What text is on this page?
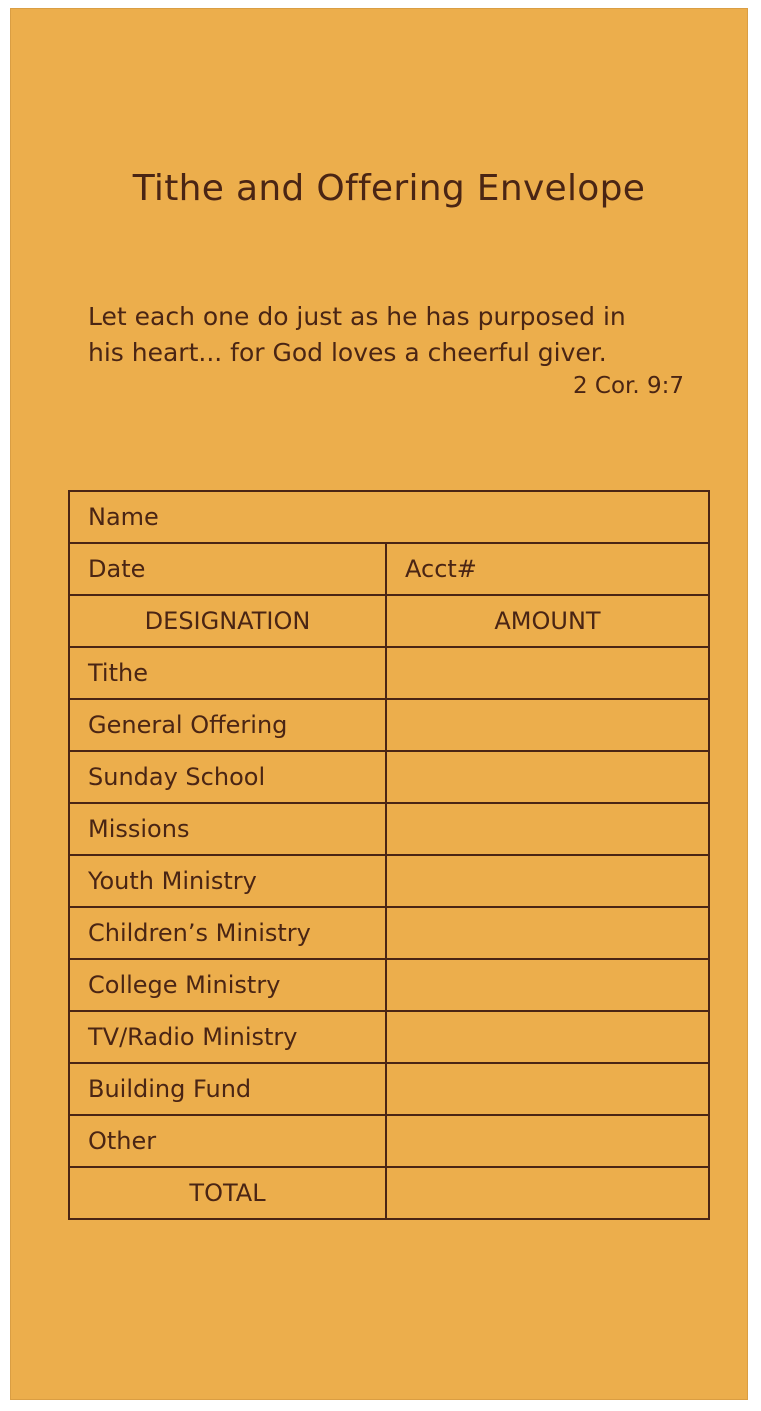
Tithe and Offering Envelope
Let each one do just as he has purposed in
his heart... for God loves a cheerful giver.
2 Cor. 9:7
Name	
Date	Acct#
DESIGNATION	AMOUNT
Tithe	
General Offering	
Sunday School	
Missions	
Youth Ministry	
Children’s Ministry	
College Ministry	
TV/Radio Ministry	
Building Fund	
Other	
TOTAL	
